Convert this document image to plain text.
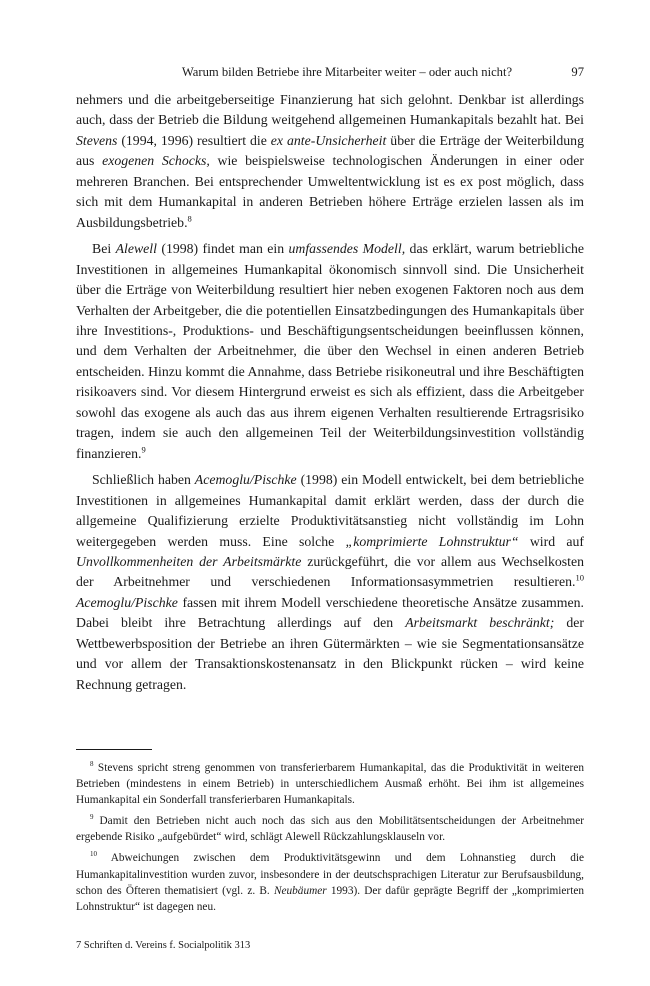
Warum bilden Betriebe ihre Mitarbeiter weiter – oder auch nicht?	97

nehmers und die arbeitgeberseitige Finanzierung hat sich gelohnt. Denkbar ist allerdings auch, dass der Betrieb die Bildung weitgehend allgemeinen Humankapitals bezahlt hat. Bei Stevens (1994, 1996) resultiert die ex ante-Unsicherheit über die Erträge der Weiterbildung aus exogenen Schocks, wie beispielsweise technologischen Änderungen in einer oder mehreren Branchen. Bei entsprechender Umweltentwicklung ist es ex post möglich, dass sich mit dem Humankapital in anderen Betrieben höhere Erträge erzielen lassen als im Ausbildungsbetrieb.$^8$

Bei Alewell (1998) findet man ein umfassendes Modell, das erklärt, warum betriebliche Investitionen in allgemeines Humankapital ökonomisch sinnvoll sind. Die Unsicherheit über die Erträge von Weiterbildung resultiert hier neben exogenen Faktoren noch aus dem Verhalten der Arbeitgeber, die die potentiellen Einsatzbedingungen des Humankapitals über ihre Investitions-, Produktions- und Beschäftigungsentscheidungen beeinflussen können, und dem Verhalten der Arbeitnehmer, die über den Wechsel in einen anderen Betrieb entscheiden. Hinzu kommt die Annahme, dass Betriebe risikoneutral und ihre Beschäftigten risikoavers sind. Vor diesem Hintergrund erweist es sich als effizient, dass die Arbeitgeber sowohl das exogene als auch das aus ihrem eigenen Verhalten resultierende Ertragsrisiko tragen, indem sie auch den allgemeinen Teil der Weiterbildungsinvestition vollständig finanzieren.$^9$

Schließlich haben Acemoglu/Pischke (1998) ein Modell entwickelt, bei dem betriebliche Investitionen in allgemeines Humankapital damit erklärt werden, dass der durch die allgemeine Qualifizierung erzielte Produktivitätsanstieg nicht vollständig im Lohn weitergegeben werden muss. Eine solche „komprimierte Lohnstruktur“ wird auf Unvollkommenheiten der Arbeitsmärkte zurückgeführt, die vor allem aus Wechselkosten der Arbeitnehmer und verschiedenen Informationsasymmetrien resultieren.$^{10}$ Acemoglu/Pischke fassen mit ihrem Modell verschiedene theoretische Ansätze zusammen. Dabei bleibt ihre Betrachtung allerdings auf den Arbeitsmarkt beschränkt; der Wettbewerbsposition der Betriebe an ihren Gütermärkten – wie sie Segmentationsansätze und vor allem der Transaktionskostenansatz in den Blickpunkt rücken – wird keine Rechnung getragen.

$^8$ Stevens spricht streng genommen von transferierbarem Humankapital, das die Produktivität in weiteren Betrieben (mindestens in einem Betrieb) in unterschiedlichem Ausmaß erhöht. Bei ihm ist allgemeines Humankapital ein Sonderfall transferierbaren Humankapitals.

$^9$ Damit den Betrieben nicht auch noch das sich aus den Mobilitätsentscheidungen der Arbeitnehmer ergebende Risiko „aufgebürdet“ wird, schlägt Alewell Rückzahlungsklauseln vor.

$^{10}$ Abweichungen zwischen dem Produktivitätsgewinn und dem Lohnanstieg durch die Humankapitalinvestition wurden zuvor, insbesondere in der deutschsprachigen Literatur zur Berufsausbildung, schon des Öfteren thematisiert (vgl. z. B. Neubäumer 1993). Der dafür geprägte Begriff der „komprimierten Lohnstruktur“ ist dagegen neu.

7 Schriften d. Vereins f. Socialpolitik 313
